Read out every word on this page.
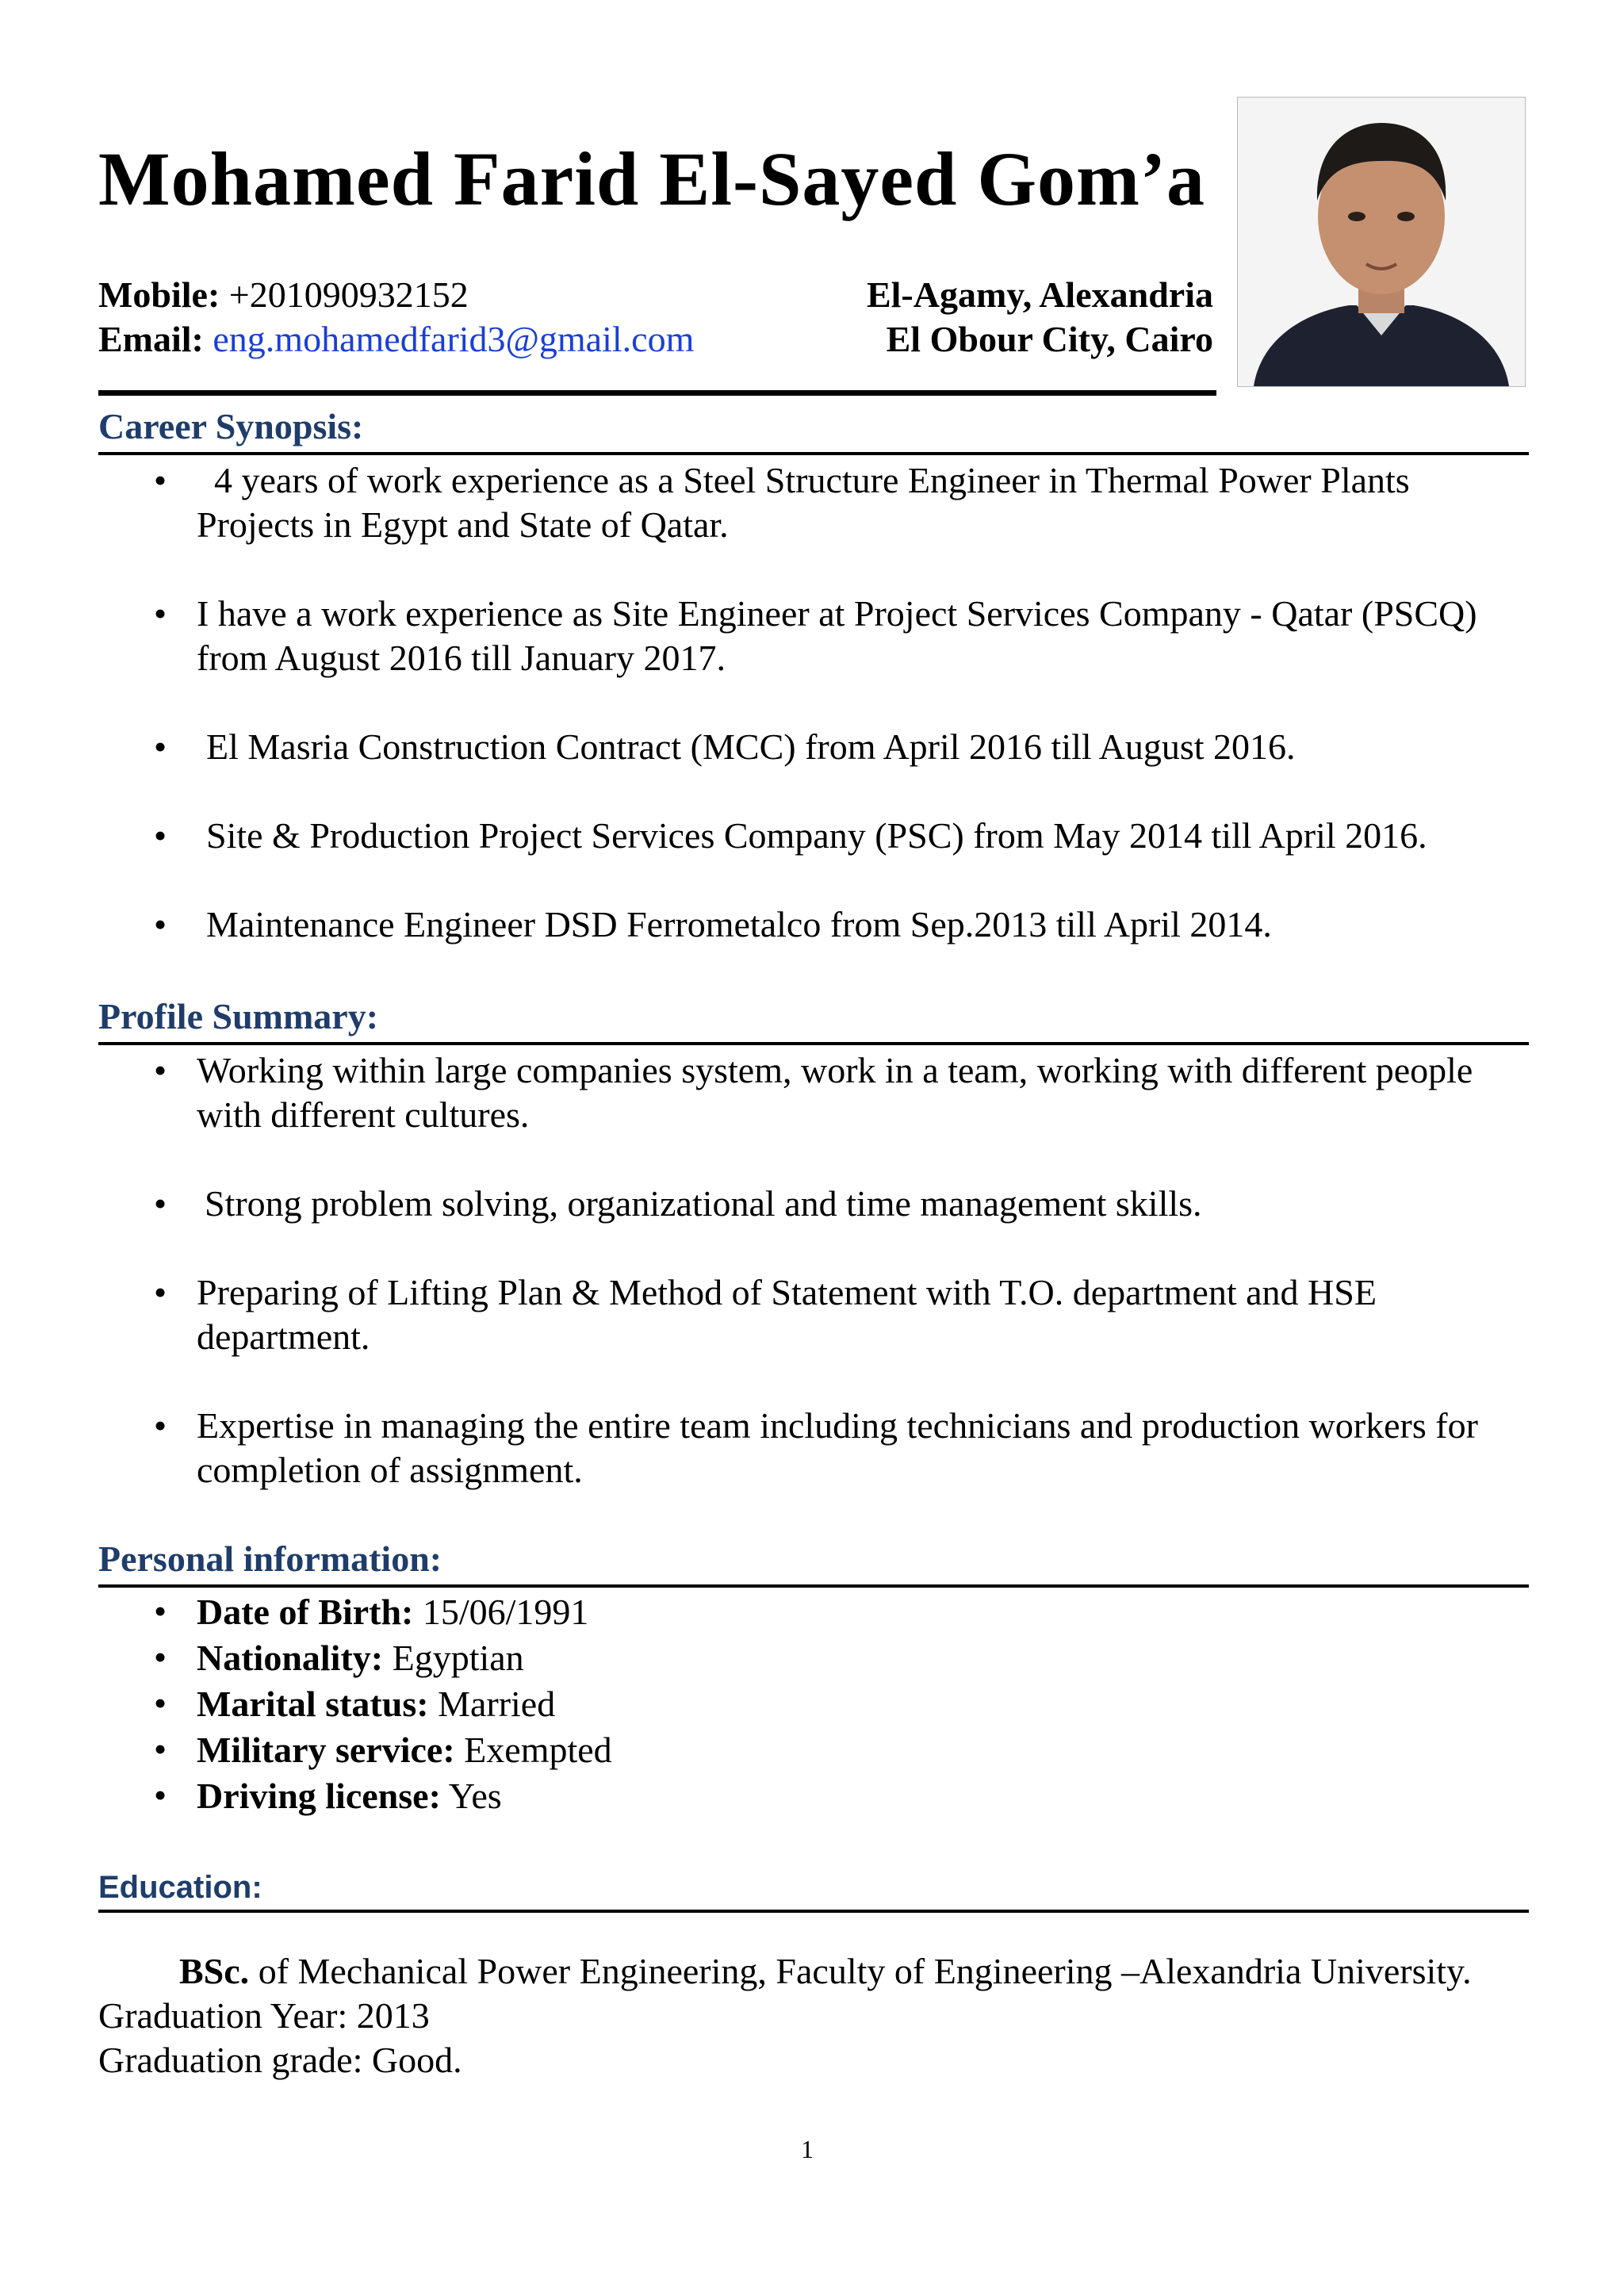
Mohamed Farid El-Sayed Gom’a
Mobile: +201090932152	El-Agamy, Alexandria
Email: eng.mohamedfarid3@gmail.com	El Obour City, Cairo
Career Synopsis:
• 4 years of work experience as a Steel Structure Engineer in Thermal Power Plants Projects in Egypt and State of Qatar.
• I have a work experience as Site Engineer at Project Services Company - Qatar (PSCQ) from August 2016 till January 2017.
• El Masria Construction Contract (MCC) from April 2016 till August 2016.
• Site & Production Project Services Company (PSC) from May 2014 till April 2016.
• Maintenance Engineer DSD Ferrometalco from Sep.2013 till April 2014.
Profile Summary:
• Working within large companies system, work in a team, working with different people with different cultures.
• Strong problem solving, organizational and time management skills.
• Preparing of Lifting Plan & Method of Statement with T.O. department and HSE department.
• Expertise in managing the entire team including technicians and production workers for completion of assignment.
Personal information:
• Date of Birth: 15/06/1991
• Nationality: Egyptian
• Marital status: Married
• Military service: Exempted
• Driving license: Yes
Education:

BSc. of Mechanical Power Engineering, Faculty of Engineering –Alexandria University.

Graduation Year: 2013

Graduation grade: Good.

1
